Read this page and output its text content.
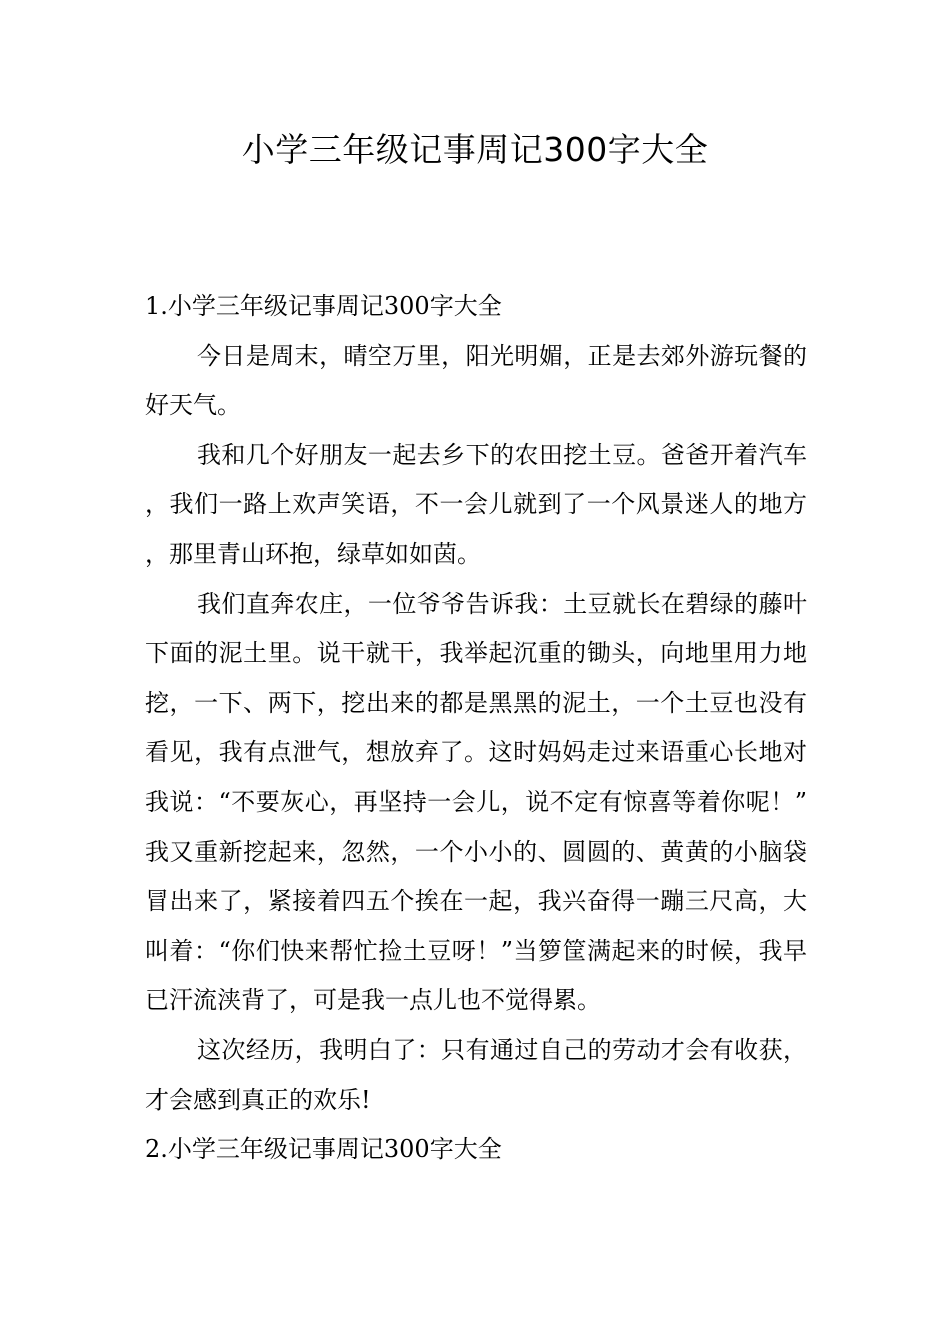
小学三年级记事周记300字大全
1.小学三年级记事周记300字大全

今日是周末，晴空万里，阳光明媚，正是去郊外游玩餐的好天气。

我和几个好朋友一起去乡下的农田挖土豆。爸爸开着汽车，我们一路上欢声笑语，不一会儿就到了一个风景迷人的地方，那里青山环抱，绿草如如茵。

我们直奔农庄，一位爷爷告诉我：土豆就长在碧绿的藤叶下面的泥土里。说干就干，我举起沉重的锄头，向地里用力地挖，一下、两下，挖出来的都是黑黑的泥土，一个土豆也没有看见，我有点泄气，想放弃了。这时妈妈走过来语重心长地对我说：“不要灰心，再坚持一会儿，说不定有惊喜等着你呢！”我又重新挖起来，忽然，一个小小的、圆圆的、黄黄的小脑袋冒出来了，紧接着四五个挨在一起，我兴奋得一蹦三尺高，大叫着：“你们快来帮忙捡土豆呀！”当箩筐满起来的时候，我早已汗流浃背了，可是我一点儿也不觉得累。

这次经历，我明白了：只有通过自己的劳动才会有收获，才会感到真正的欢乐!

2.小学三年级记事周记300字大全
